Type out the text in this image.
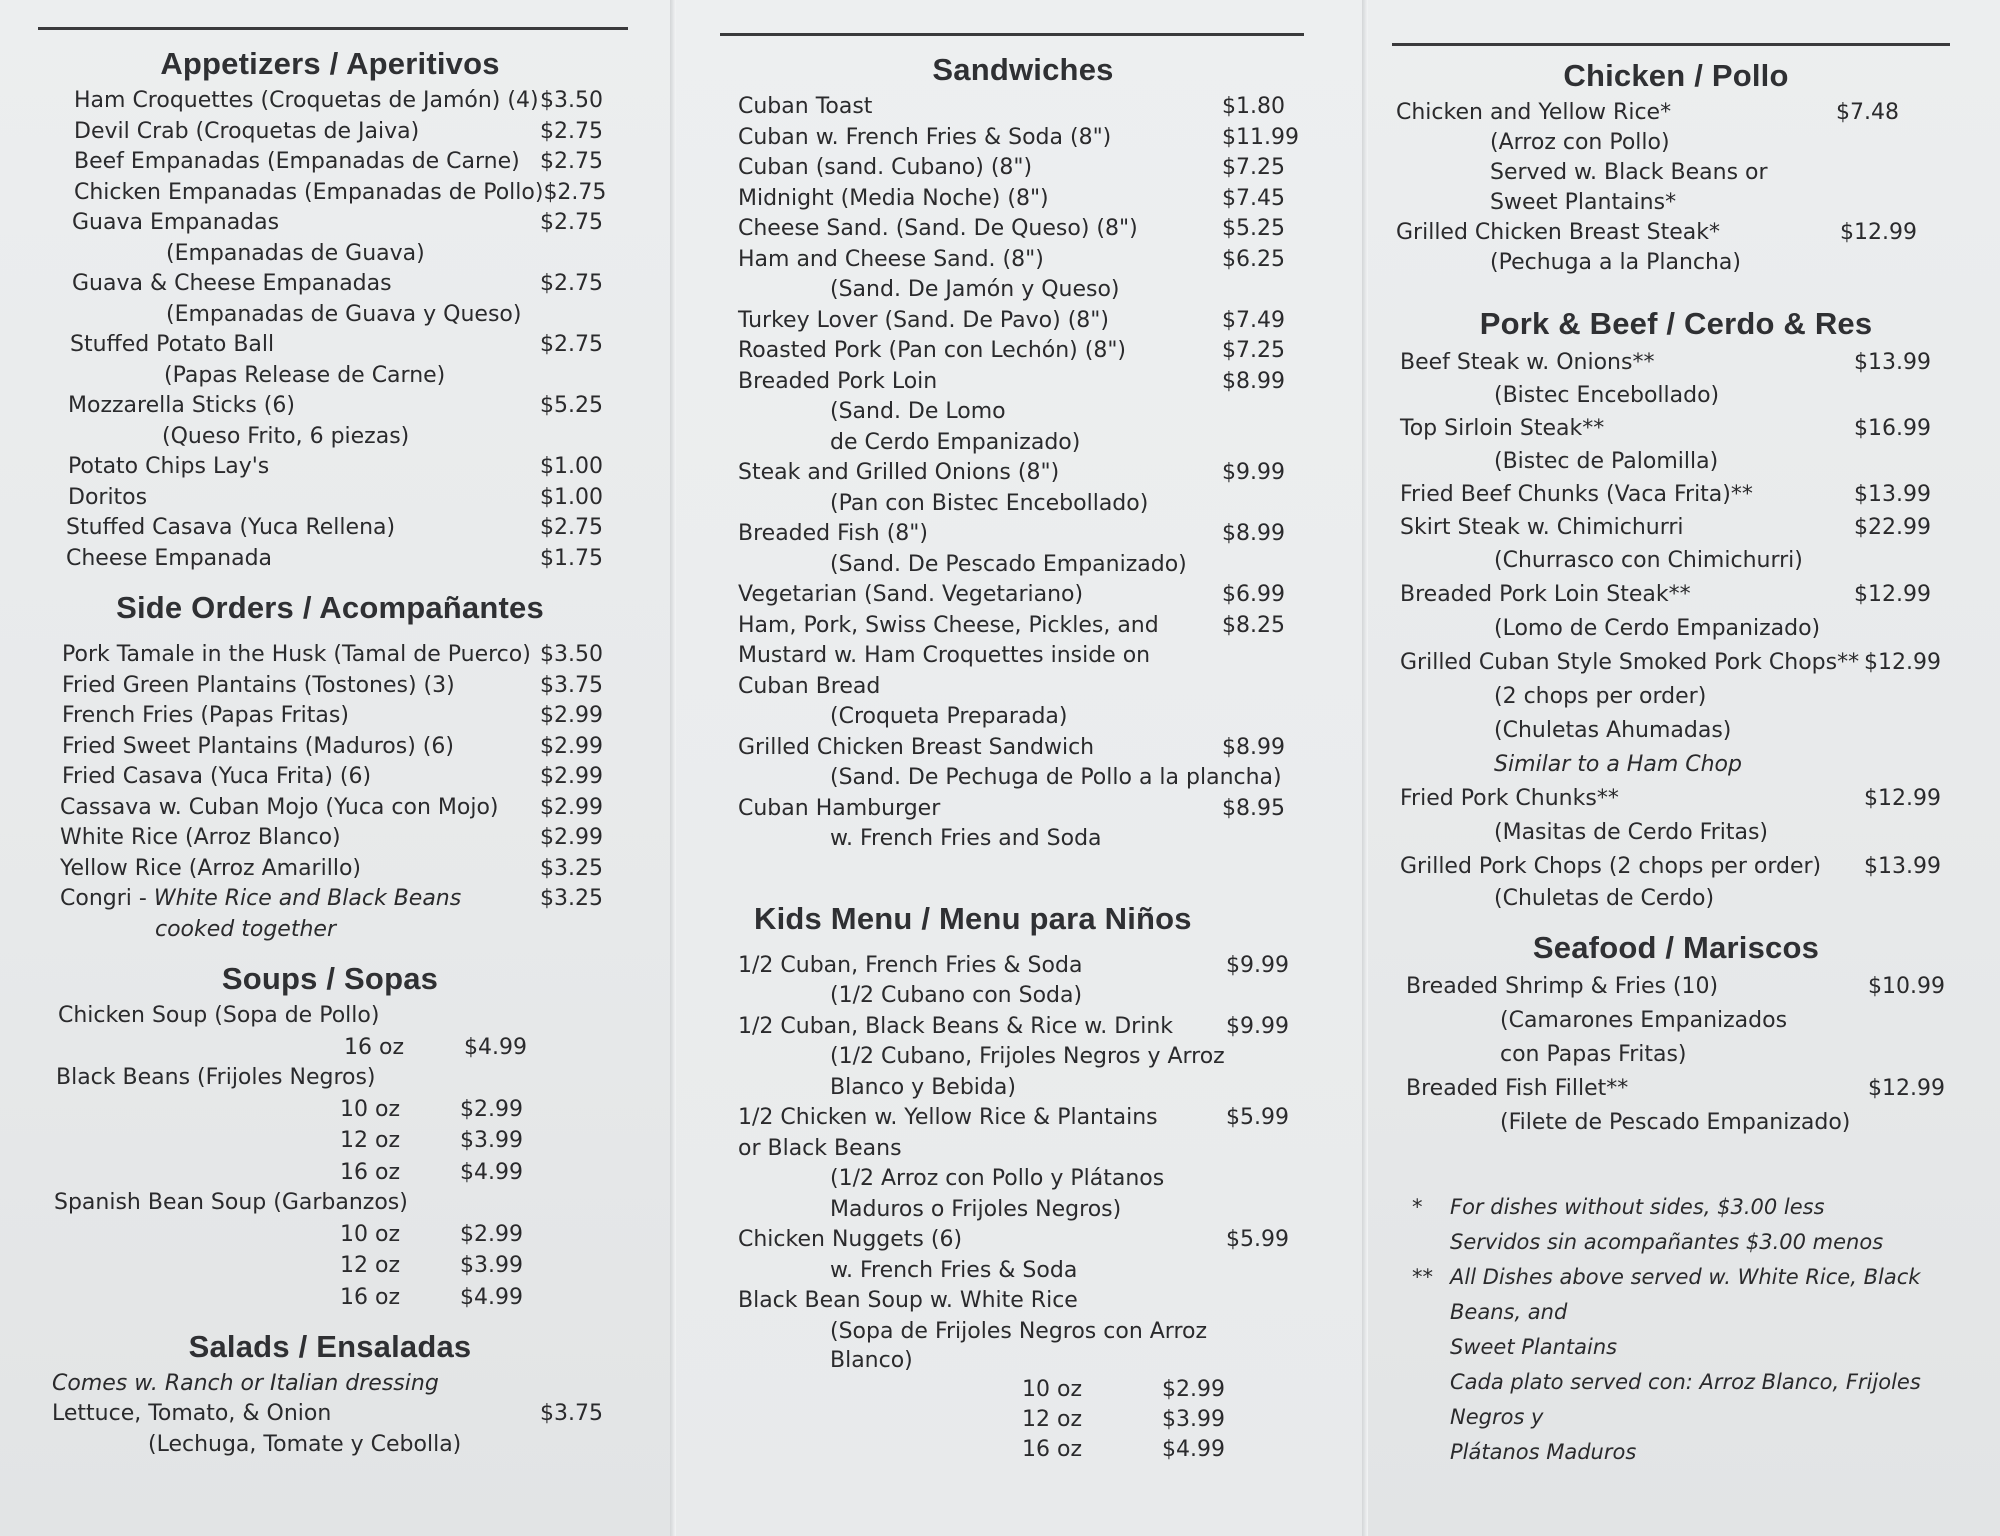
Appetizers / Aperitivos
Ham Croquettes (Croquetas de Jamón) (4) $3.50
Devil Crab (Croquetas de Jaiva)	$2.75
Beef Empanadas (Empanadas de Carne) $2.75
Chicken Empanadas (Empanadas de Pollo) $2.75
Guava Empanadas	$2.75
(Empanadas de Guava)
Guava & Cheese Empanadas	$2.75
(Empanadas de Guava y Queso)
Stuffed Potato Ball	$2.75
(Papas Release de Carne)
Mozzarella Sticks (6)	$5.25
(Queso Frito, 6 piezas)
Potato Chips Lay's	$1.00
Doritos	$1.00
Stuffed Casava (Yuca Rellena)	$2.75
Cheese Empanada	$1.75
Side Orders / Acompañantes
Pork Tamale in the Husk (Tamal de Puerco) $3.50
Fried Green Plantains (Tostones) (3)	$3.75
French Fries (Papas Fritas)	$2.99
Fried Sweet Plantains (Maduros) (6)	$2.99
Fried Casava (Yuca Frita) (6)	$2.99
Cassava w. Cuban Mojo (Yuca con Mojo)	$2.99
White Rice (Arroz Blanco)	$2.99
Yellow Rice (Arroz Amarillo)	$3.25
Congri - White Rice and Black Beans	$3.25
cooked together
Soups / Sopas
Chicken Soup (Sopa de Pollo)
16 oz	$4.99
Black Beans (Frijoles Negros)
10 oz	$2.99
12 oz	$3.99
16 oz	$4.99
Spanish Bean Soup (Garbanzos)
10 oz	$2.99
12 oz	$3.99
16 oz	$4.99
Salads / Ensaladas
Comes w. Ranch or Italian dressing
Lettuce, Tomato, & Onion	$3.75
(Lechuga, Tomate y Cebolla)
Sandwiches
Cuban Toast	$1.80
Cuban w. French Fries & Soda (8")	$11.99
Cuban (sand. Cubano) (8")	$7.25
Midnight (Media Noche) (8")	$7.45
Cheese Sand. (Sand. De Queso) (8")	$5.25
Ham and Cheese Sand. (8")	$6.25
(Sand. De Jamón y Queso)
Turkey Lover (Sand. De Pavo) (8")	$7.49
Roasted Pork (Pan con Lechón) (8")	$7.25
Breaded Pork Loin	$8.99
(Sand. De Lomo
de Cerdo Empanizado)
Steak and Grilled Onions (8")	$9.99
(Pan con Bistec Encebollado)
Breaded Fish (8")	$8.99
(Sand. De Pescado Empanizado)
Vegetarian (Sand. Vegetariano)	$6.99
Ham, Pork, Swiss Cheese, Pickles, and	$8.25
Mustard w. Ham Croquettes inside on
Cuban Bread
(Croqueta Preparada)
Grilled Chicken Breast Sandwich	$8.99
(Sand. De Pechuga de Pollo a la plancha)
Cuban Hamburger	$8.95
w. French Fries and Soda
Kids Menu / Menu para Niños
1/2 Cuban, French Fries & Soda	$9.99
(1/2 Cubano con Soda)
1/2 Cuban, Black Beans & Rice w. Drink	$9.99
(1/2 Cubano, Frijoles Negros y Arroz
Blanco y Bebida)
1/2 Chicken w. Yellow Rice & Plantains	$5.99
or Black Beans
(1/2 Arroz con Pollo y Plátanos
Maduros o Frijoles Negros)
Chicken Nuggets (6)	$5.99
w. French Fries & Soda
Black Bean Soup w. White Rice
(Sopa de Frijoles Negros con Arroz
Blanco)
10 oz	$2.99
12 oz	$3.99
16 oz	$4.99
Chicken / Pollo
Chicken and Yellow Rice*	$7.48
(Arroz con Pollo)
Served w. Black Beans or
Sweet Plantains*
Grilled Chicken Breast Steak*	$12.99
(Pechuga a la Plancha)
Pork & Beef / Cerdo & Res
Beef Steak w. Onions**	$13.99
(Bistec Encebollado)
Top Sirloin Steak**	$16.99
(Bistec de Palomilla)
Fried Beef Chunks (Vaca Frita)**	$13.99
Skirt Steak w. Chimichurri	$22.99
(Churrasco con Chimichurri)
Breaded Pork Loin Steak**	$12.99
(Lomo de Cerdo Empanizado)
Grilled Cuban Style Smoked Pork Chops** $12.99
(2 chops per order)
(Chuletas Ahumadas)
Similar to a Ham Chop
Fried Pork Chunks**	$12.99
(Masitas de Cerdo Fritas)
Grilled Pork Chops (2 chops per order)	$13.99
(Chuletas de Cerdo)
Seafood / Mariscos
Breaded Shrimp & Fries (10)	$10.99
(Camarones Empanizados
con Papas Fritas)
Breaded Fish Fillet**	$12.99
(Filete de Pescado Empanizado)
*	For dishes without sides, $3.00 less
Servidos sin acompañantes $3.00 menos
** All Dishes above served w. White Rice, Black Beans, and
Sweet Plantains
Cada plato served con: Arroz Blanco, Frijoles Negros y
Plátanos Maduros
